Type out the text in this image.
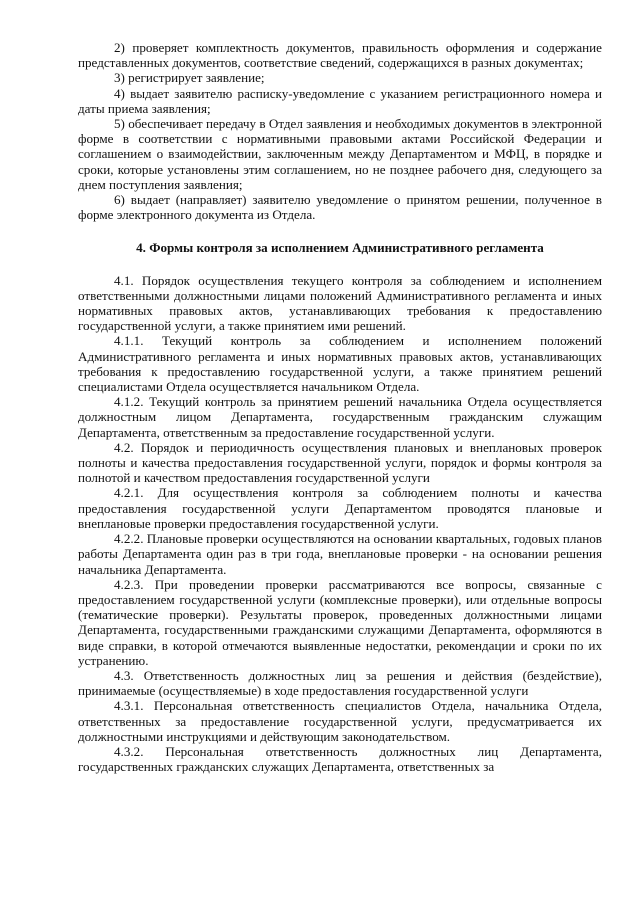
2) проверяет комплектность документов, правильность оформления и содержание представленных документов, соответствие сведений, содержащихся в разных документах;

3) регистрирует заявление;

4) выдает заявителю расписку-уведомление с указанием регистрационного номера и даты приема заявления;

5) обеспечивает передачу в Отдел заявления и необходимых документов в электронной форме в соответствии с нормативными правовыми актами Российской Федерации и соглашением о взаимодействии, заключенным между Департаментом и МФЦ, в порядке и сроки, которые установлены этим соглашением, но не позднее рабочего дня, следующего за днем поступления заявления;

6) выдает (направляет) заявителю уведомление о принятом решении, полученное в форме электронного документа из Отдела.

4. Формы контроля за исполнением Административного регламента

4.1. Порядок осуществления текущего контроля за соблюдением и исполнением ответственными должностными лицами положений Административного регламента и иных нормативных правовых актов, устанавливающих требования к предоставлению государственной услуги, а также принятием ими решений.

4.1.1. Текущий контроль за соблюдением и исполнением положений Административного регламента и иных нормативных правовых актов, устанавливающих требования к предоставлению государственной услуги, а также принятием решений специалистами Отдела осуществляется начальником Отдела.

4.1.2. Текущий контроль за принятием решений начальника Отдела осуществляется должностным лицом Департамента, государственным гражданским служащим Департамента, ответственным за предоставление государственной услуги.

4.2. Порядок и периодичность осуществления плановых и внеплановых проверок полноты и качества предоставления государственной услуги, порядок и формы контроля за полнотой и качеством предоставления государственной услуги

4.2.1. Для осуществления контроля за соблюдением полноты и качества предоставления государственной услуги Департаментом проводятся плановые и внеплановые проверки предоставления государственной услуги.

4.2.2. Плановые проверки осуществляются на основании квартальных, годовых планов работы Департамента один раз в три года, внеплановые проверки - на основании решения начальника Департамента.

4.2.3. При проведении проверки рассматриваются все вопросы, связанные с предоставлением государственной услуги (комплексные проверки), или отдельные вопросы (тематические проверки). Результаты проверок, проведенных должностными лицами Департамента, государственными гражданскими служащими Департамента, оформляются в виде справки, в которой отмечаются выявленные недостатки, рекомендации и сроки по их устранению.

4.3. Ответственность должностных лиц за решения и действия (бездействие), принимаемые (осуществляемые) в ходе предоставления государственной услуги

4.3.1. Персональная ответственность специалистов Отдела, начальника Отдела, ответственных за предоставление государственной услуги, предусматривается их должностными инструкциями и действующим законодательством.

4.3.2. Персональная ответственность должностных лиц Департамента, государственных гражданских служащих Департамента, ответственных за
